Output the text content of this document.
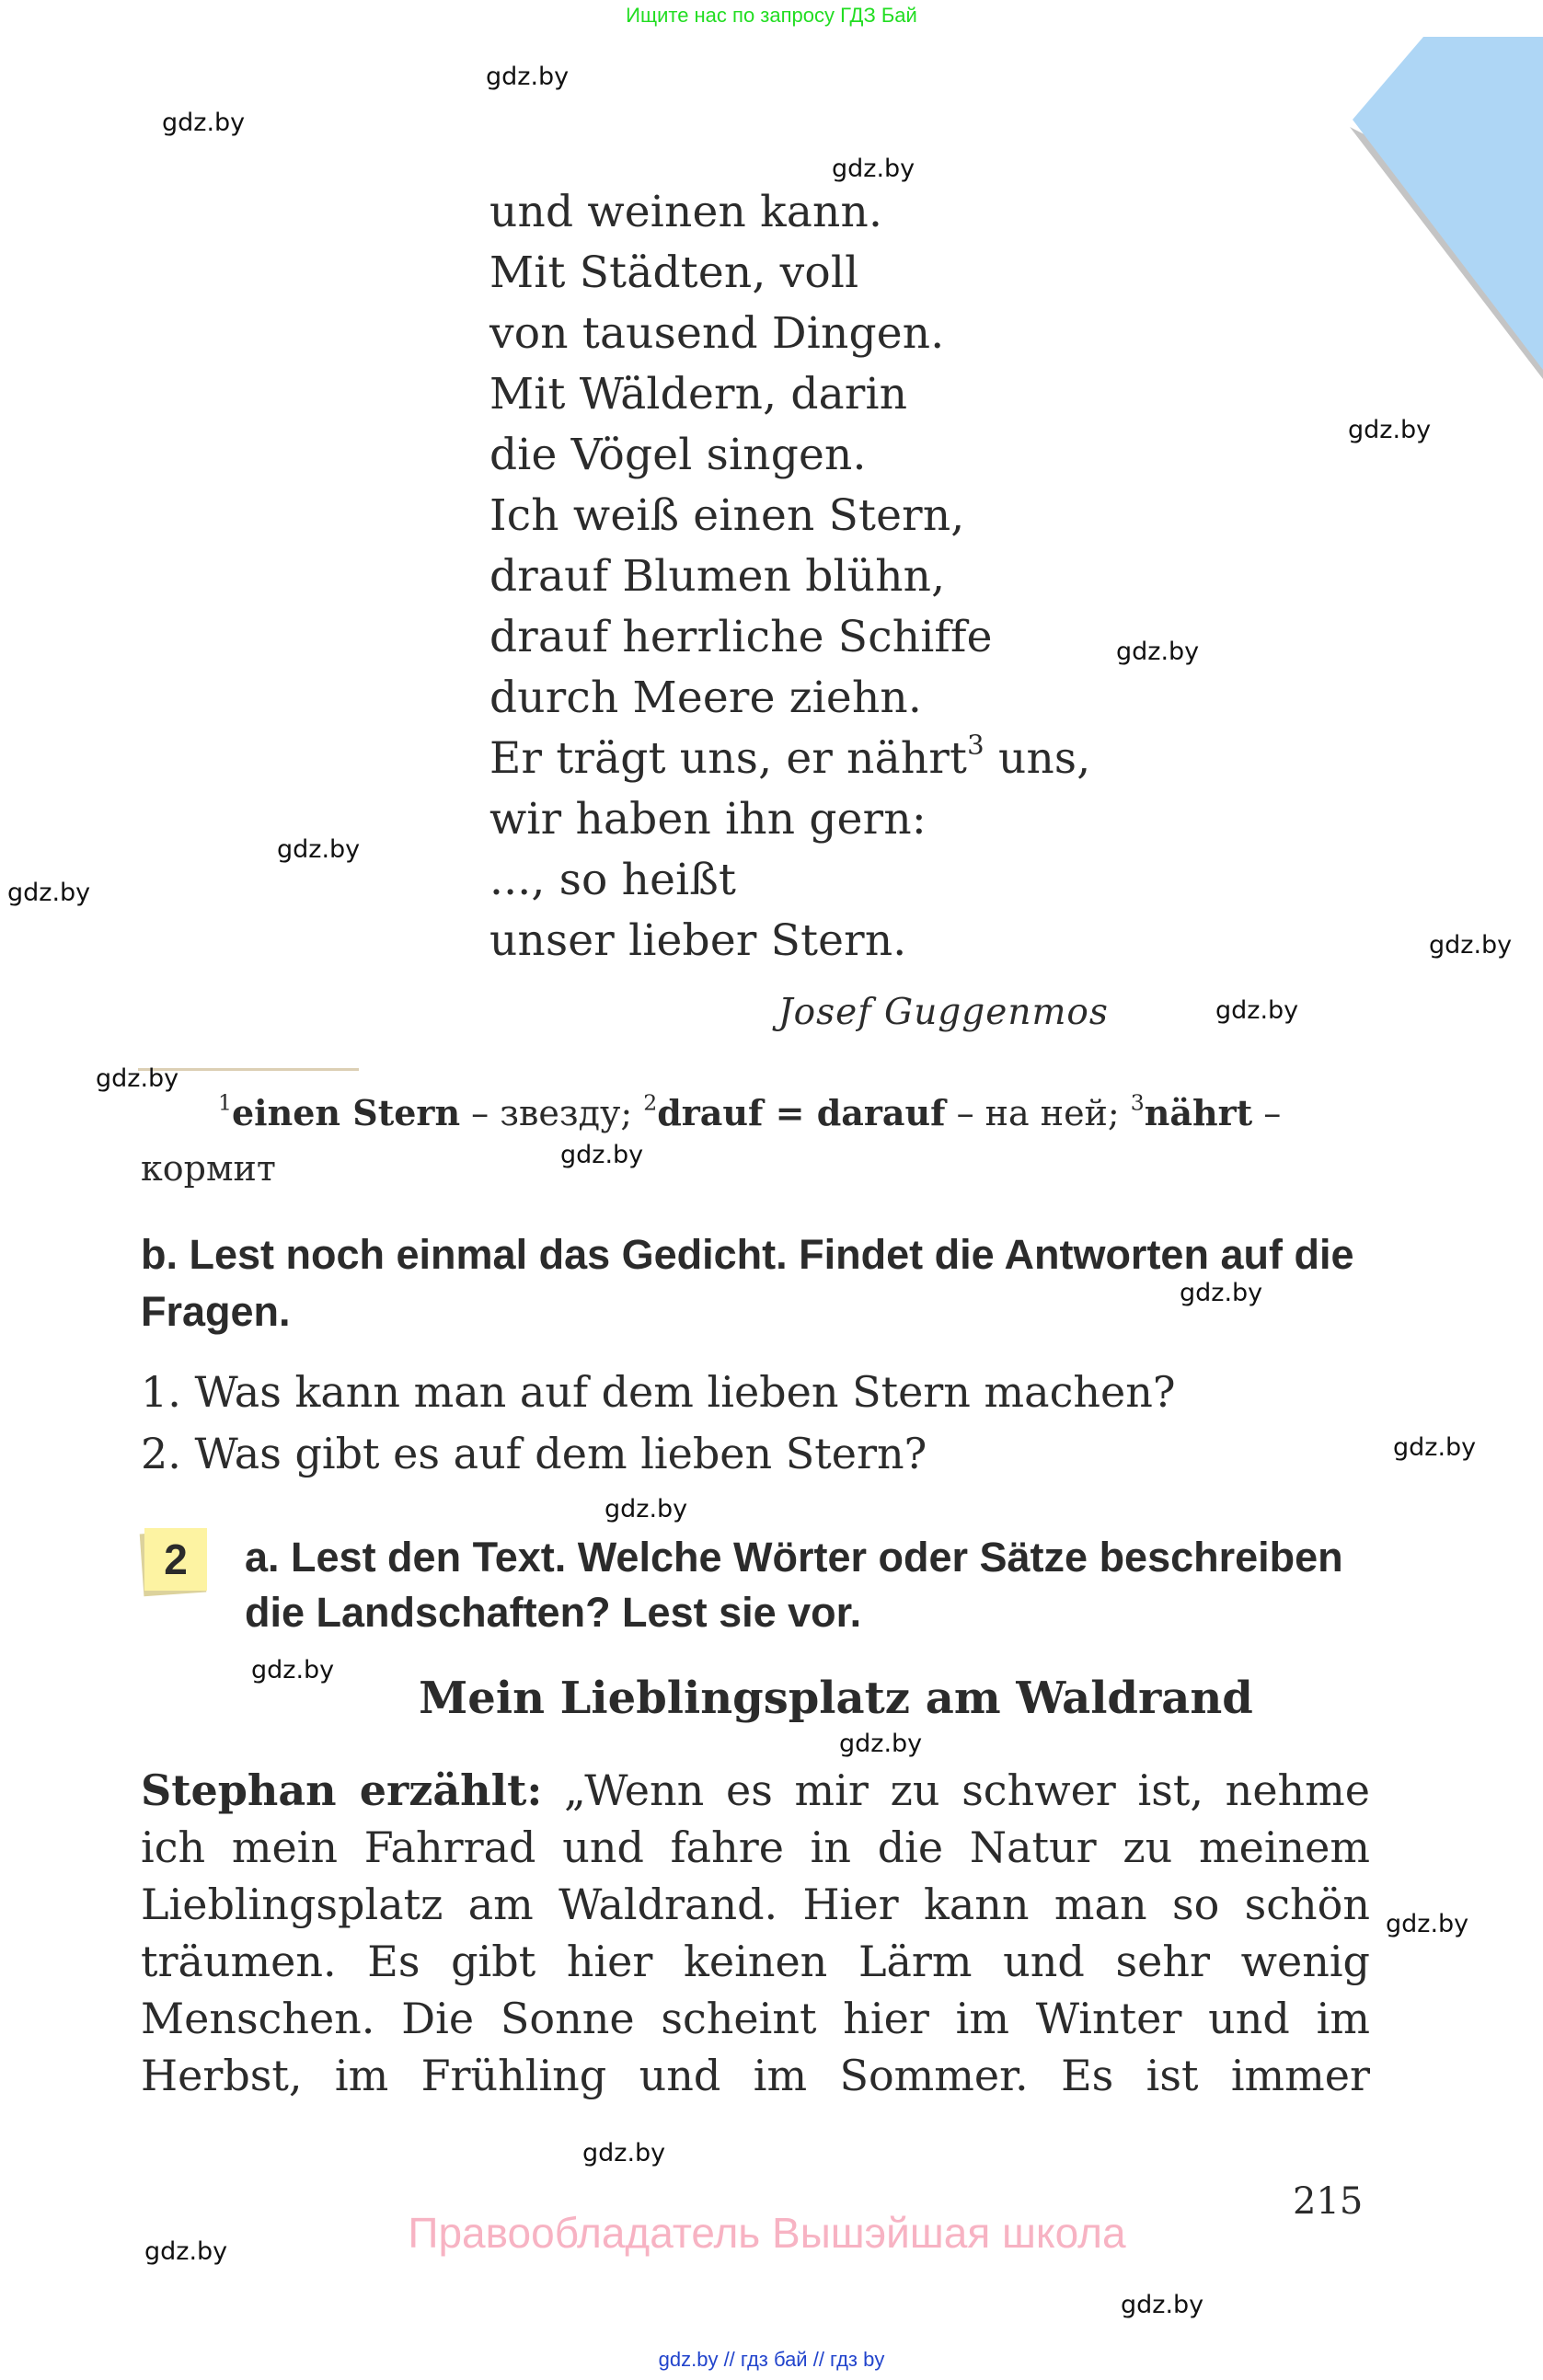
Ищите нас по запросу ГДЗ Бай
und weinen kann.
Mit Städten, voll
von tausend Dingen.
Mit Wäldern, darin
die Vögel singen.
Ich weiß einen Stern,
drauf Blumen blühn,
drauf herrliche Schiffe
durch Meere ziehn.
Er trägt uns, er nährt$^3$ uns,
wir haben ihn gern:
..., so heißt
unser lieber Stern.
Josef Guggenmos
$^1$einen Stern – звезду; $^2$drauf = darauf – на ней; $^3$nährt – кормит
b. Lest noch einmal das Gedicht. Findet die Antworten auf die Fragen.
1. Was kann man auf dem lieben Stern machen?
2. Was gibt es auf dem lieben Stern?
2	a. Lest den Text. Welche Wörter oder Sätze beschreiben die Landschaften? Lest sie vor.
Mein Lieblingsplatz am Waldrand
Stephan erzählt: „Wenn es mir zu schwer ist, nehme
ich mein Fahrrad und fahre in die Natur zu meinem
Lieblingsplatz am Waldrand. Hier kann man so schön
träumen. Es gibt hier keinen Lärm und sehr wenig
Menschen. Die Sonne scheint hier im Winter und im
Herbst, im Frühling und im Sommer. Es ist immer
215
Правообладатель Вышэйшая школа
gdz.by // гдз бай // гдз by
gdz.by
gdz.by
gdz.by
gdz.by
gdz.by
gdz.by
gdz.by
gdz.by
gdz.by
gdz.by
gdz.by
gdz.by
gdz.by
gdz.by
gdz.by
gdz.by
gdz.by
gdz.by
gdz.by
gdz.by
